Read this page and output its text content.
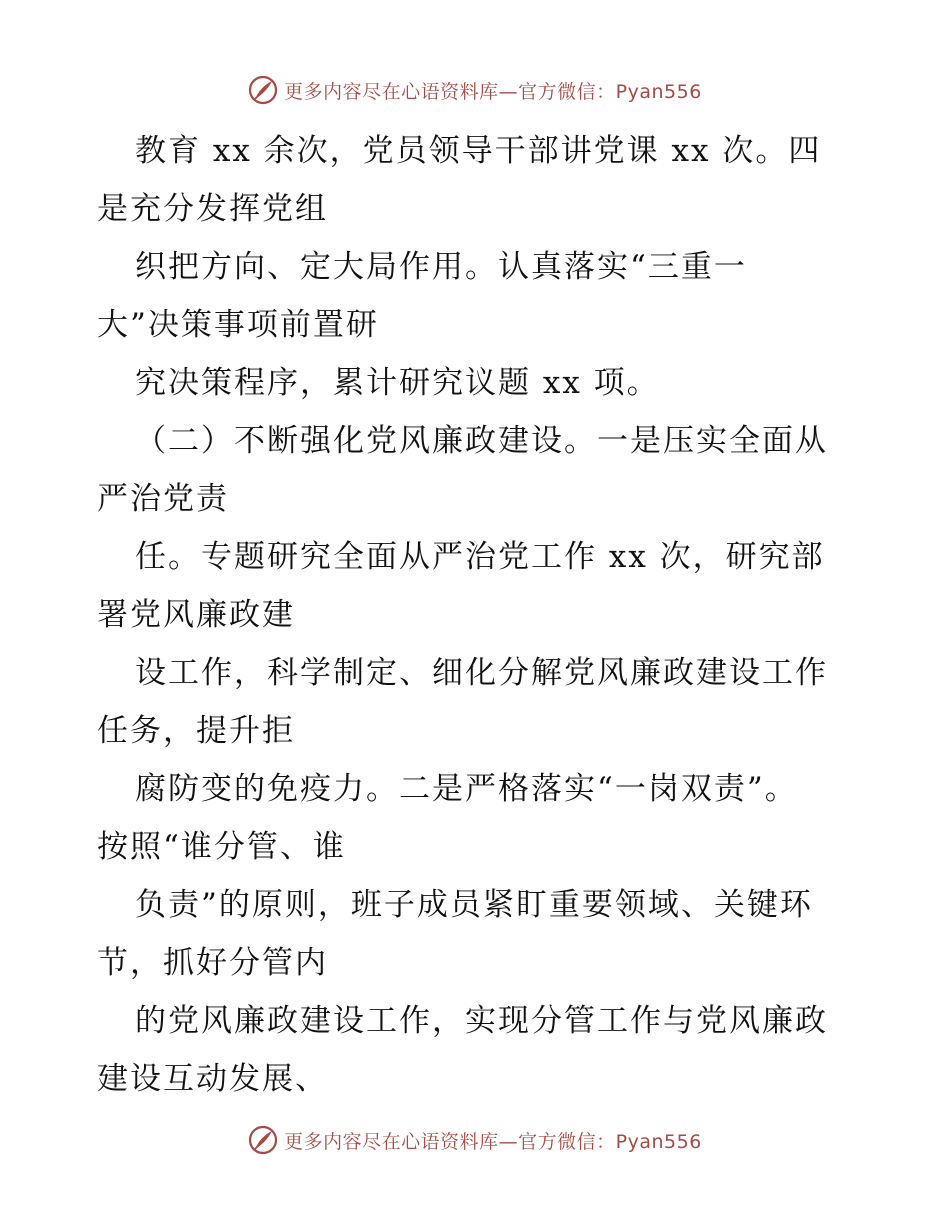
更多内容尽在心语资料库—官方微信：Pyan556
教育 xx 余次，党员领导干部讲党课 xx 次。四
是充分发挥党组
织把方向、定大局作用。认真落实“三重一
大”决策事项前置研
究决策程序，累计研究议题 xx 项。
（二）不断强化党风廉政建设。一是压实全面从
严治党责
任。专题研究全面从严治党工作 xx 次，研究部
署党风廉政建
设工作，科学制定、细化分解党风廉政建设工作
任务，提升拒
腐防变的免疫力。二是严格落实“一岗双责”。
按照“谁分管、谁
负责”的原则，班子成员紧盯重要领域、关键环
节，抓好分管内
的党风廉政建设工作，实现分管工作与党风廉政
建设互动发展、
更多内容尽在心语资料库—官方微信：Pyan556
